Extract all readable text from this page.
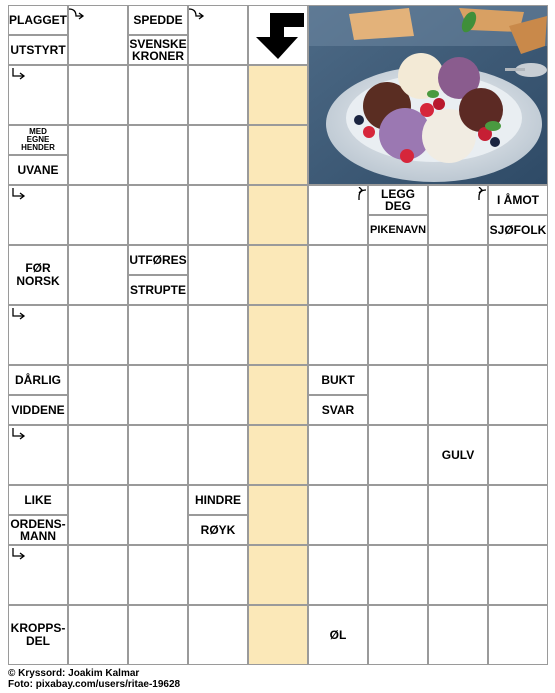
PLAGGET
UTSTYRT
SPEDDE
SVENSKE
KRONER
MED
EGNE
HENDER
UVANE
LEGG
DEG
PIKENAVN
I ÅMOT
SJØFOLK
FØR
NORSK
UTFØRES
STRUPTE
DÅRLIG
VIDDENE
BUKT
SVAR
GULV
LIKE
ORDENS-
MANN
HINDRE
RØYK
KROPPS-
DEL	ØL
© Kryssord: Joakim Kalmar
Foto: pixabay.com/users/ritae-19628
